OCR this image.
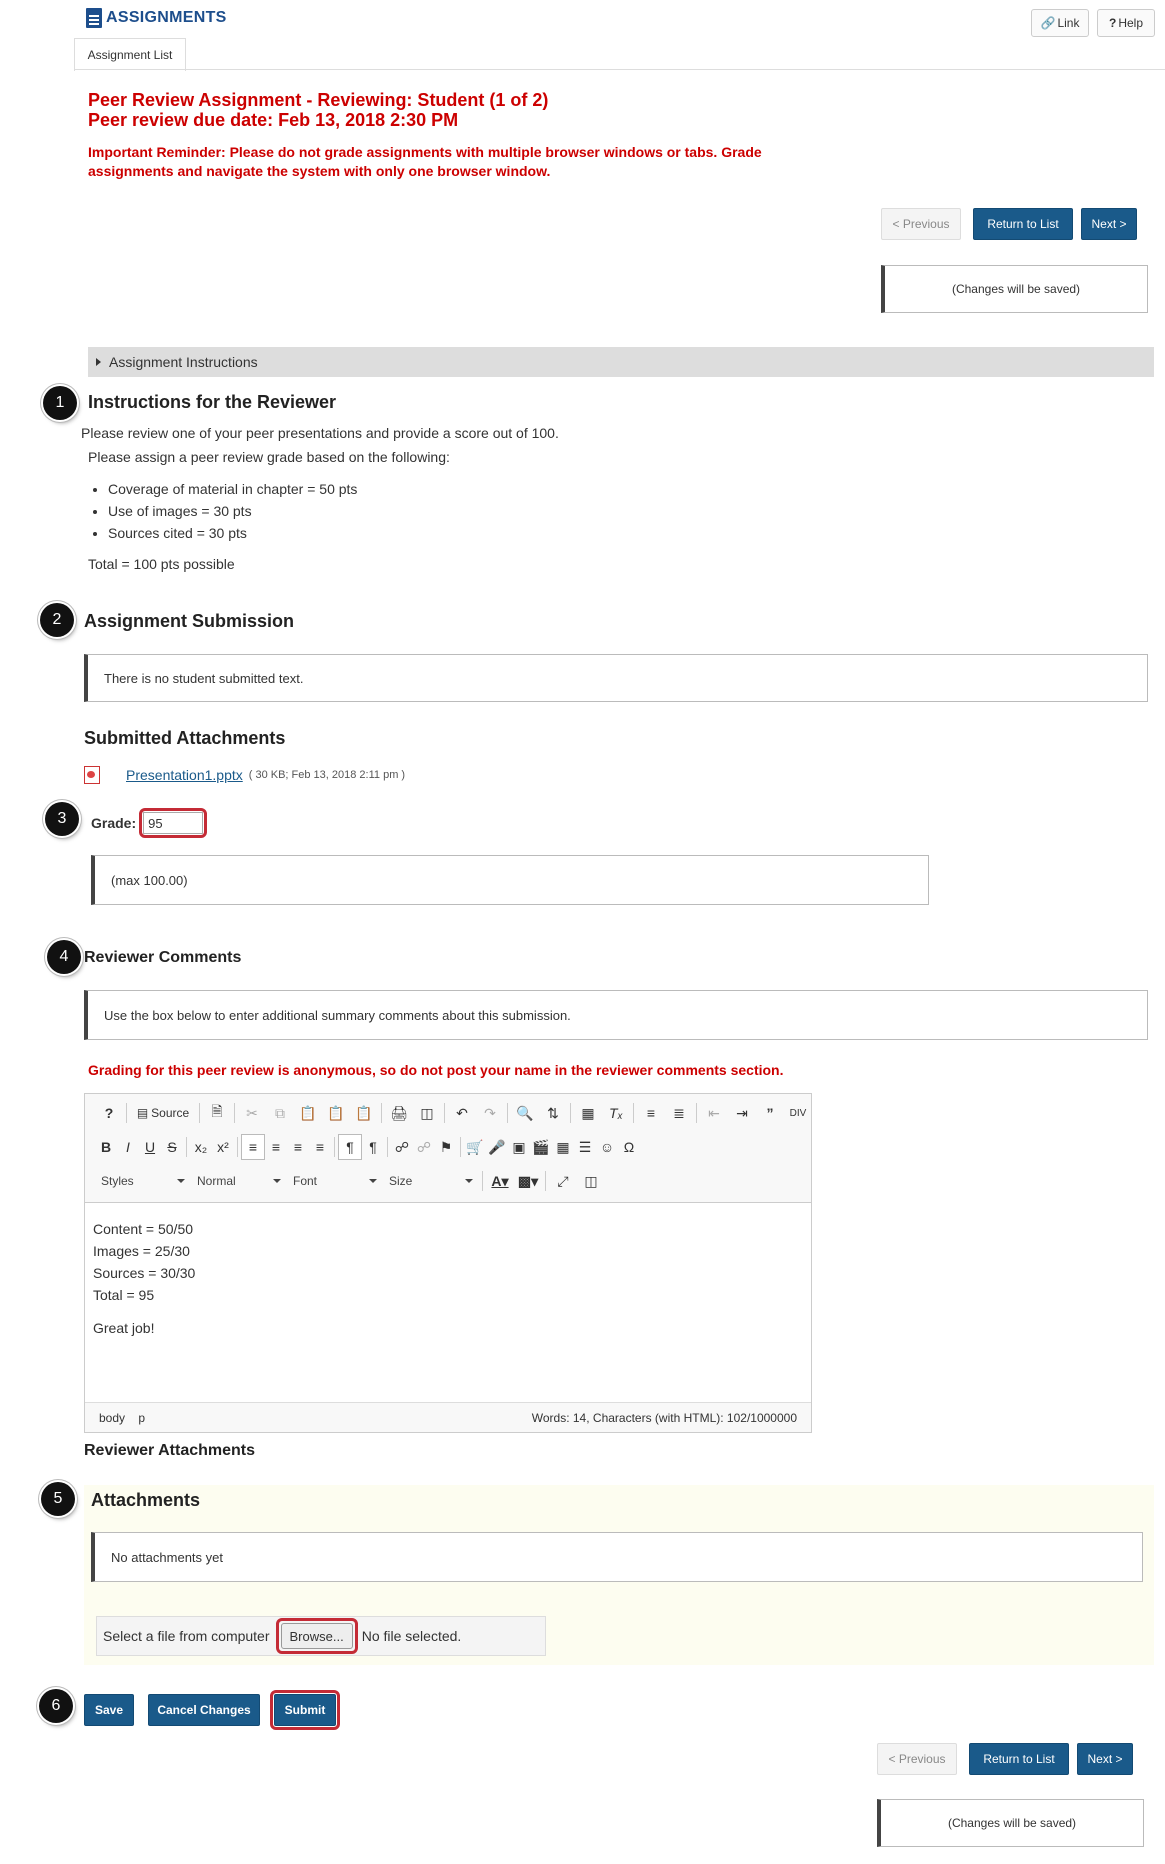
ASSIGNMENTS
Assignment List
🔗 Link ? Help
Peer Review Assignment - Reviewing: Student (1 of 2)
Peer review due date: Feb 13, 2018 2:30 PM
Important Reminder: Please do not grade assignments with multiple browser windows or tabs. Grade assignments and navigate the system with only one browser window.
< Previous	Return to List	Next >
(Changes will be saved)
Assignment Instructions
1	Instructions for the Reviewer
Please review one of your peer presentations and provide a score out of 100.
Please assign a peer review grade based on the following:
• Coverage of material in chapter = 50 pts
• Use of images = 30 pts
• Sources cited = 30 pts
Total = 100 pts possible
2	Assignment Submission
There is no student submitted text.
Submitted Attachments
Presentation1.pptx ( 30 KB; Feb 13, 2018 2:11 pm )
3	Grade: 95
(max 100.00)
4 Reviewer Comments
Use the box below to enter additional summary comments about this submission.
Grading for this peer review is anonymous, so do not post your name in the reviewer comments section.
?	▤ Source	🗎	✂	⧉	📋 📋 📋	🖨 ◫	↶	↷	🔍 ⇅	▦	Tₓ	≡	≣	⇤	⇥	”	DIV
B	I	U S	x₂ x²	≡	≡ ≡ ≡	¶	¶	☍ ☍ ⚑	🛒 🎤 ▣ 🎬 ▦ ☰ ☺ Ω
Styles	Normal	Font	Size	A▾ ▩▾	⤢	◫
Content = 50/50
Images = 25/30
Sources = 30/30
Total = 95
Great job!
body p	Words: 14, Characters (with HTML): 102/1000000
Reviewer Attachments
5	Attachments
No attachments yet
Select a file from computer	Browse...	No file selected.
6	Save	Cancel Changes	Submit
< Previous	Return to List	Next >
(Changes will be saved)
